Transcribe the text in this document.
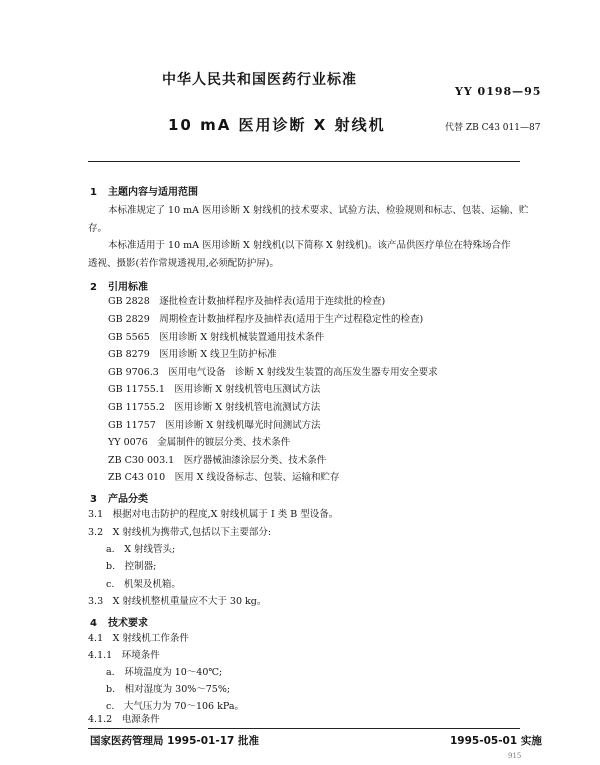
中华人民共和国医药行业标准
YY 0198—95
10 mA 医用诊断 X 射线机	代替 ZB C43 011—87
1 主题内容与适用范围
本标准规定了 10 mA 医用诊断 X 射线机的技术要求、试验方法、检验规则和标志、包装、运输、贮
存。
本标准适用于 10 mA 医用诊断 X 射线机(以下简称 X 射线机)。该产品供医疗单位在特殊场合作
透视、摄影(若作常规透视用,必须配防护屏)。
2 引用标准
GB 2828　 逐批检查计数抽样程序及抽样表(适用于连续批的检查)
GB 2829　 周期检查计数抽样程序及抽样表(适用于生产过程稳定性的检查)
GB 5565　 医用诊断 X 射线机械装置通用技术条件
GB 8279　 医用诊断 X 线卫生防护标准
GB 9706.3　 医用电气设备　诊断 X 射线发生装置的高压发生器专用安全要求
GB 11755.1　 医用诊断 X 射线机管电压测试方法
GB 11755.2　 医用诊断 X 射线机管电流测试方法
GB 11757　 医用诊断 X 射线机曝光时间测试方法
YY 0076　 金属制件的镀层分类、技术条件
ZB C30 003.1　 医疗器械油漆涂层分类、技术条件
ZB C43 010　 医用 X 线设备标志、包装、运输和贮存
3 产品分类
3.1　 根据对电击防护的程度,X 射线机属于 Ⅰ 类 B 型设备。
3.2　 X 射线机为携带式,包括以下主要部分:
a.　 X 射线管头;
b.　 控制器;
c.　 机架及机箱。
3.3　 X 射线机整机重量应不大于 30 kg。
4 技术要求
4.1　 X 射线机工作条件
4.1.1　 环境条件
a.　 环境温度为 10～40℃;
b.　 相对湿度为 30%～75%;
c.　 大气压力为 70～106 kPa。
4.1.2　 电源条件
国家医药管理局 1995-01-17 批准	1995-05-01 实施
915
